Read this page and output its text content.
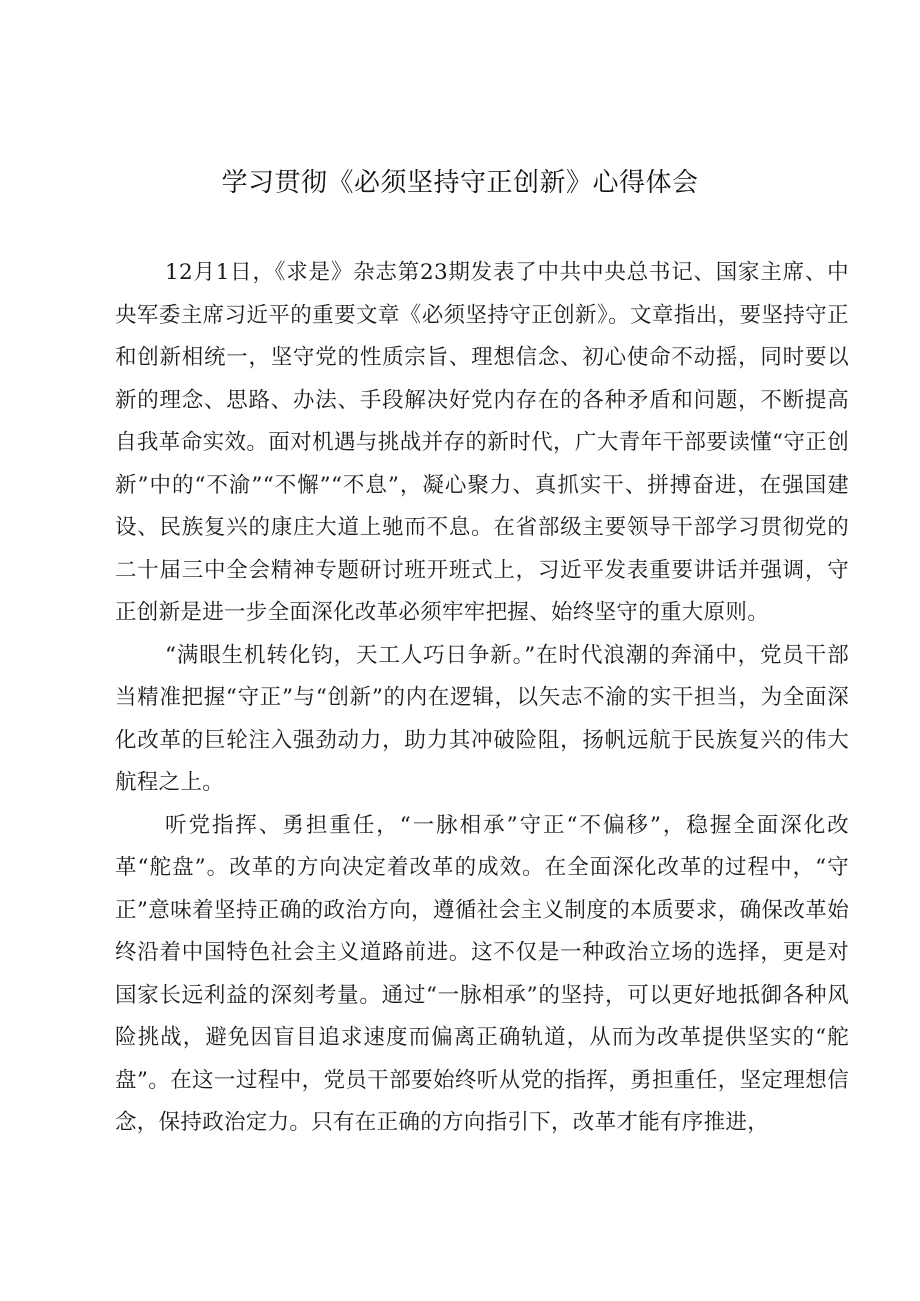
学习贯彻《必须坚持守正创新》心得体会

12月1日，《求是》杂志第23期发表了中共中央总书记、国家主席、中央军委主席习近平的重要文章《必须坚持守正创新》。文章指出，要坚持守正和创新相统一，坚守党的性质宗旨、理想信念、初心使命不动摇，同时要以新的理念、思路、办法、手段解决好党内存在的各种矛盾和问题，不断提高自我革命实效。面对机遇与挑战并存的新时代，广大青年干部要读懂“守正创新”中的“不渝”“不懈”“不息”，凝心聚力、真抓实干、拼搏奋进，在强国建设、民族复兴的康庄大道上驰而不息。在省部级主要领导干部学习贯彻党的二十届三中全会精神专题研讨班开班式上，习近平发表重要讲话并强调，守正创新是进一步全面深化改革必须牢牢把握、始终坚守的重大原则。

“满眼生机转化钧，天工人巧日争新。”在时代浪潮的奔涌中，党员干部当精准把握“守正”与“创新”的内在逻辑，以矢志不渝的实干担当，为全面深化改革的巨轮注入强劲动力，助力其冲破险阻，扬帆远航于民族复兴的伟大航程之上。

听党指挥、勇担重任，“一脉相承”守正“不偏移”，稳握全面深化改革“舵盘”。改革的方向决定着改革的成效。在全面深化改革的过程中，“守正”意味着坚持正确的政治方向，遵循社会主义制度的本质要求，确保改革始终沿着中国特色社会主义道路前进。这不仅是一种政治立场的选择，更是对国家长远利益的深刻考量。通过“一脉相承”的坚持，可以更好地抵御各种风险挑战，避免因盲目追求速度而偏离正确轨道，从而为改革提供坚实的“舵盘”。在这一过程中，党员干部要始终听从党的指挥，勇担重任，坚定理想信念，保持政治定力。只有在正确的方向指引下，改革才能有序推进，
